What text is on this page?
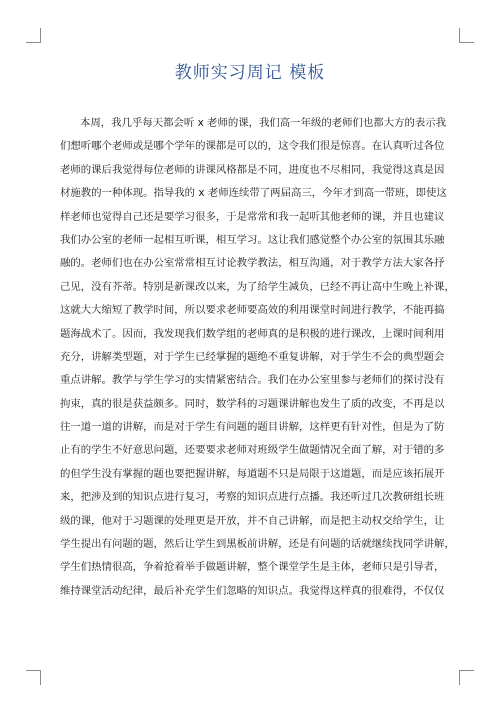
教师实习周记 模板
本周，我几乎每天都会听 x 老师的课，我们高一年级的老师们也都大方的表示我
们想听哪个老师或是哪个学年的课都是可以的，这令我们很是惊喜。在认真听过各位
老师的课后我觉得每位老师的讲课风格都是不同，进度也不尽相同，我觉得这真是因
材施教的一种体现。指导我的 x 老师连续带了两届高三，今年才到高一带班，即使这
样老师也觉得自己还是要学习很多，于是常常和我一起听其他老师的课，并且也建议
我们办公室的老师一起相互听课，相互学习。这让我们感觉整个办公室的氛围其乐融
融的。老师们也在办公室常常相互讨论教学教法，相互沟通，对于教学方法大家各抒
己见，没有芥蒂。特别是新课改以来，为了给学生减负，已经不再让高中生晚上补课，
这就大大缩短了教学时间，所以要求老师要高效的利用课堂时间进行教学，不能再搞
题海战术了。因而，我发现我们数学组的老师真的是积极的进行课改，上课时间利用
充分，讲解类型题，对于学生已经掌握的题绝不重复讲解，对于学生不会的典型题会
重点讲解。教学与学生学习的实情紧密结合。我们在办公室里参与老师们的探讨没有
拘束，真的很是获益颇多。同时，数学科的习题课讲解也发生了质的改变，不再是以
往一道一道的讲解，而是对于学生有问题的题目讲解，这样更有针对性，但是为了防
止有的学生不好意思问题，还要要求老师对班级学生做题情况全面了解，对于错的多
的但学生没有掌握的题也要把握讲解，每道题不只是局限于这道题，而是应该拓展开
来，把涉及到的知识点进行复习，考察的知识点进行点播。我还听过几次教研组长班
级的课，他对于习题课的处理更是开放，并不自己讲解，而是把主动权交给学生，让
学生提出有问题的题，然后让学生到黑板前讲解，还是有问题的话就继续找同学讲解，
学生们热情很高，争着抢着举手做题讲解，整个课堂学生是主体，老师只是引导者，
维持课堂活动纪律，最后补充学生们忽略的知识点。我觉得这样真的很难得，不仅仅
